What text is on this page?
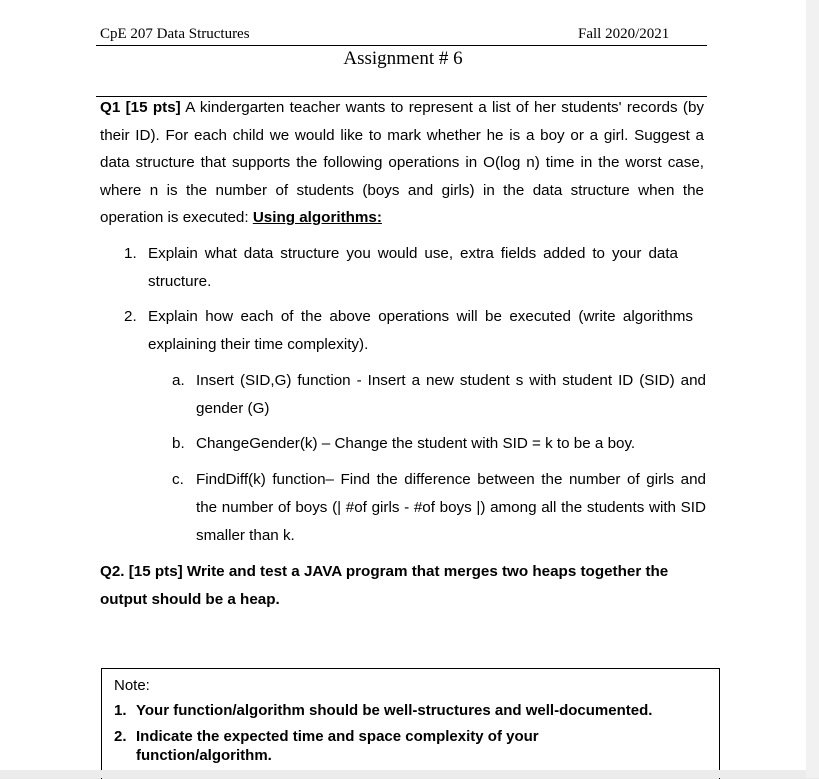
CpE 207 Data Structures	Fall 2020/2021
Assignment # 6
Q1 [15 pts] A kindergarten teacher wants to represent a list of her students' records (by their ID). For each child we would like to mark whether he is a boy or a girl. Suggest a data structure that supports the following operations in O(log n) time in the worst case, where n is the number of students (boys and girls) in the data structure when the operation is executed: Using algorithms:
1. Explain what data structure you would use, extra fields added to your data structure.
2. Explain how each of the above operations will be executed (write algorithms explaining their time complexity).
a. Insert (SID,G) function - Insert a new student s with student ID (SID) and gender (G)
b. ChangeGender(k) – Change the student with SID = k to be a boy.
c. FindDiff(k) function– Find the difference between the number of girls and the number of boys (| #of girls - #of boys |) among all the students with SID smaller than k.
Q2. [15 pts] Write and test a JAVA program that merges two heaps together the output should be a heap.
Note:
1. Your function/algorithm should be well-structures and well-documented.
2. Indicate the expected time and space complexity of your function/algorithm.
